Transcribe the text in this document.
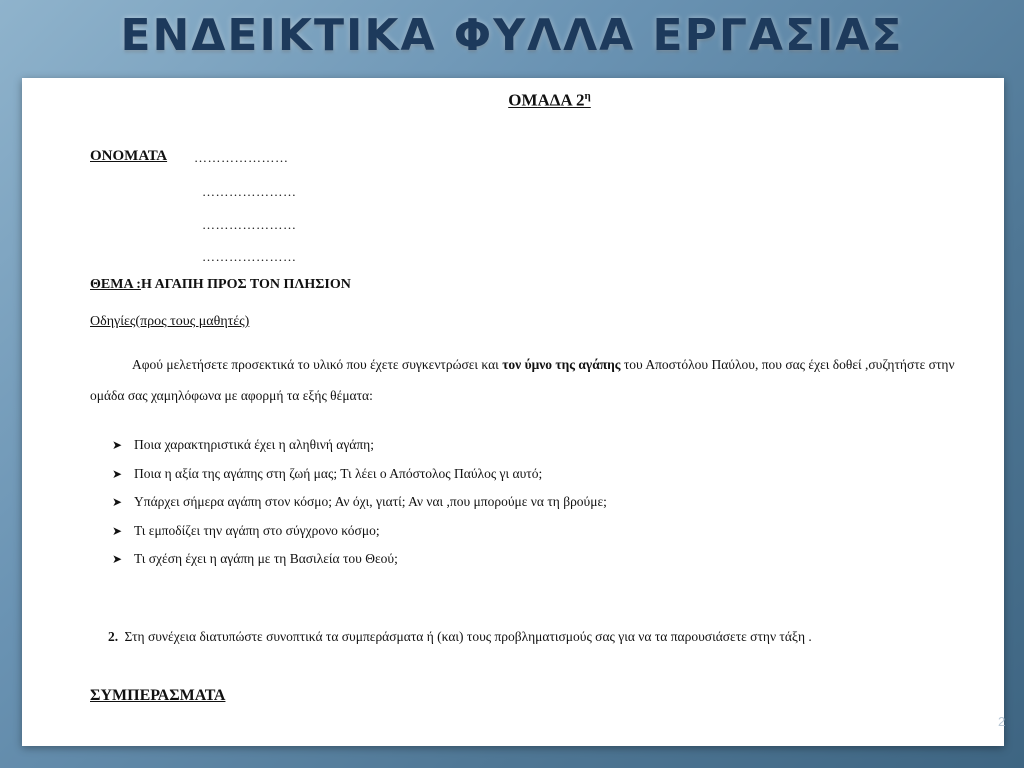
ΕΝΔΕΙΚΤΙΚΑ ΦΥΛΛΑ ΕΡΓΑΣΙΑΣ
ΟΜΑΔΑ $2^\eta$
ΟΝΟΜΑΤΑ …………………
…………………
…………………
…………………
ΘΕΜΑ :Η ΑΓΑΠΗ ΠΡΟΣ ΤΟΝ ΠΛΗΣΙΟΝ
Οδηγίες(προς τους μαθητές)
Αφού μελετήσετε προσεκτικά το υλικό που έχετε συγκεντρώσει και τον ύμνο της αγάπης του Αποστόλου Παύλου, που σας έχει δοθεί ,συζητήστε στην ομάδα σας χαμηλόφωνα με αφορμή τα εξής θέματα:
➤ Ποια χαρακτηριστικά έχει η αληθινή αγάπη;
➤ Ποια η αξία της αγάπης στη ζωή μας; Τι λέει ο Απόστολος Παύλος γι αυτό;
➤ Υπάρχει σήμερα αγάπη στον κόσμο; Αν όχι, γιατί; Αν ναι ,που μπορούμε να τη βρούμε;
➤ Τι εμποδίζει την αγάπη στο σύγχρονο κόσμο;
➤ Τι σχέση έχει η αγάπη με τη Βασιλεία του Θεού;
2. Στη συνέχεια διατυπώστε συνοπτικά τα συμπεράσματα ή (και) τους προβληματισμούς σας για να τα παρουσιάσετε στην τάξη .
ΣΥΜΠΕΡΑΣΜΑΤΑ
2
